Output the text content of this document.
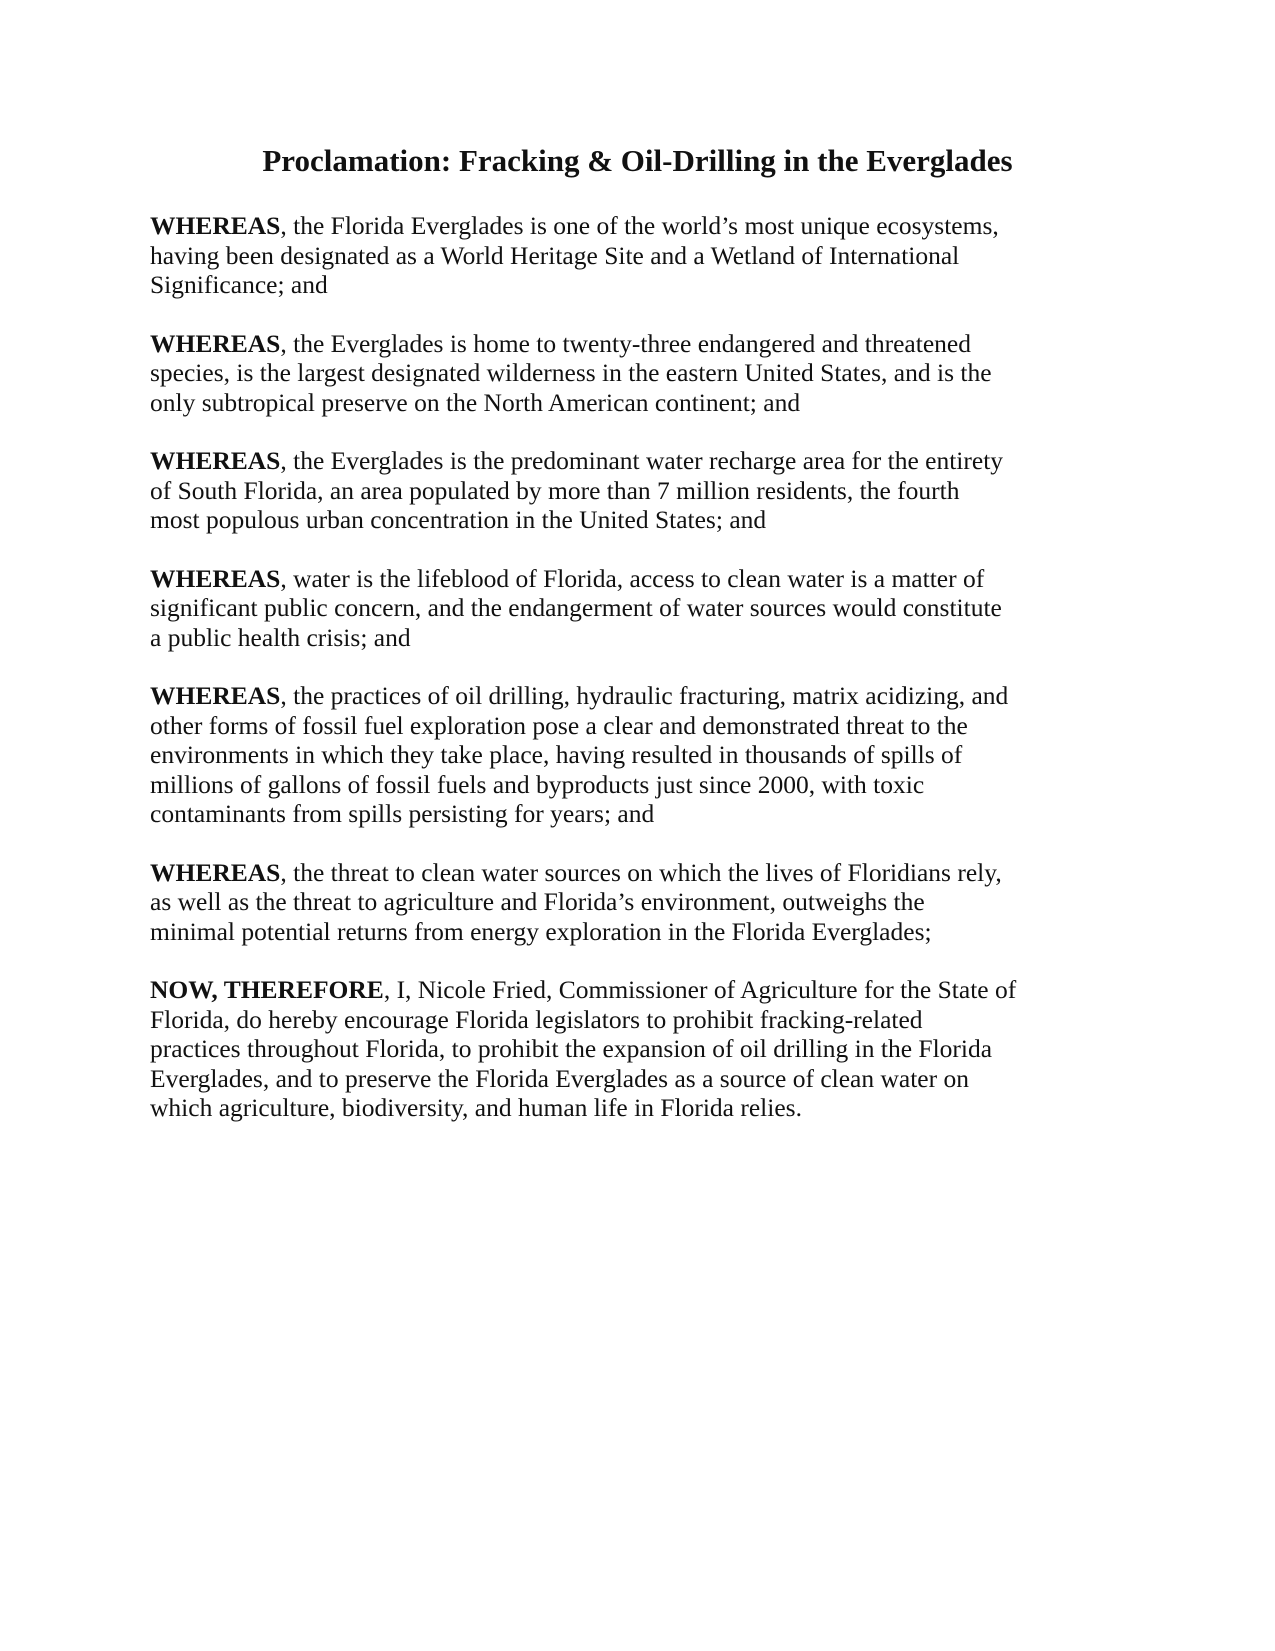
Proclamation: Fracking & Oil-Drilling in the Everglades

WHEREAS, the Florida Everglades is one of the world’s most unique ecosystems,
having been designated as a World Heritage Site and a Wetland of International
Significance; and

WHEREAS, the Everglades is home to twenty-three endangered and threatened
species, is the largest designated wilderness in the eastern United States, and is the
only subtropical preserve on the North American continent; and

WHEREAS, the Everglades is the predominant water recharge area for the entirety
of South Florida, an area populated by more than 7 million residents, the fourth
most populous urban concentration in the United States; and

WHEREAS, water is the lifeblood of Florida, access to clean water is a matter of
significant public concern, and the endangerment of water sources would constitute
a public health crisis; and

WHEREAS, the practices of oil drilling, hydraulic fracturing, matrix acidizing, and
other forms of fossil fuel exploration pose a clear and demonstrated threat to the
environments in which they take place, having resulted in thousands of spills of
millions of gallons of fossil fuels and byproducts just since 2000, with toxic
contaminants from spills persisting for years; and

WHEREAS, the threat to clean water sources on which the lives of Floridians rely,
as well as the threat to agriculture and Florida’s environment, outweighs the
minimal potential returns from energy exploration in the Florida Everglades;

NOW, THEREFORE, I, Nicole Fried, Commissioner of Agriculture for the State of
Florida, do hereby encourage Florida legislators to prohibit fracking-related
practices throughout Florida, to prohibit the expansion of oil drilling in the Florida
Everglades, and to preserve the Florida Everglades as a source of clean water on
which agriculture, biodiversity, and human life in Florida relies.
